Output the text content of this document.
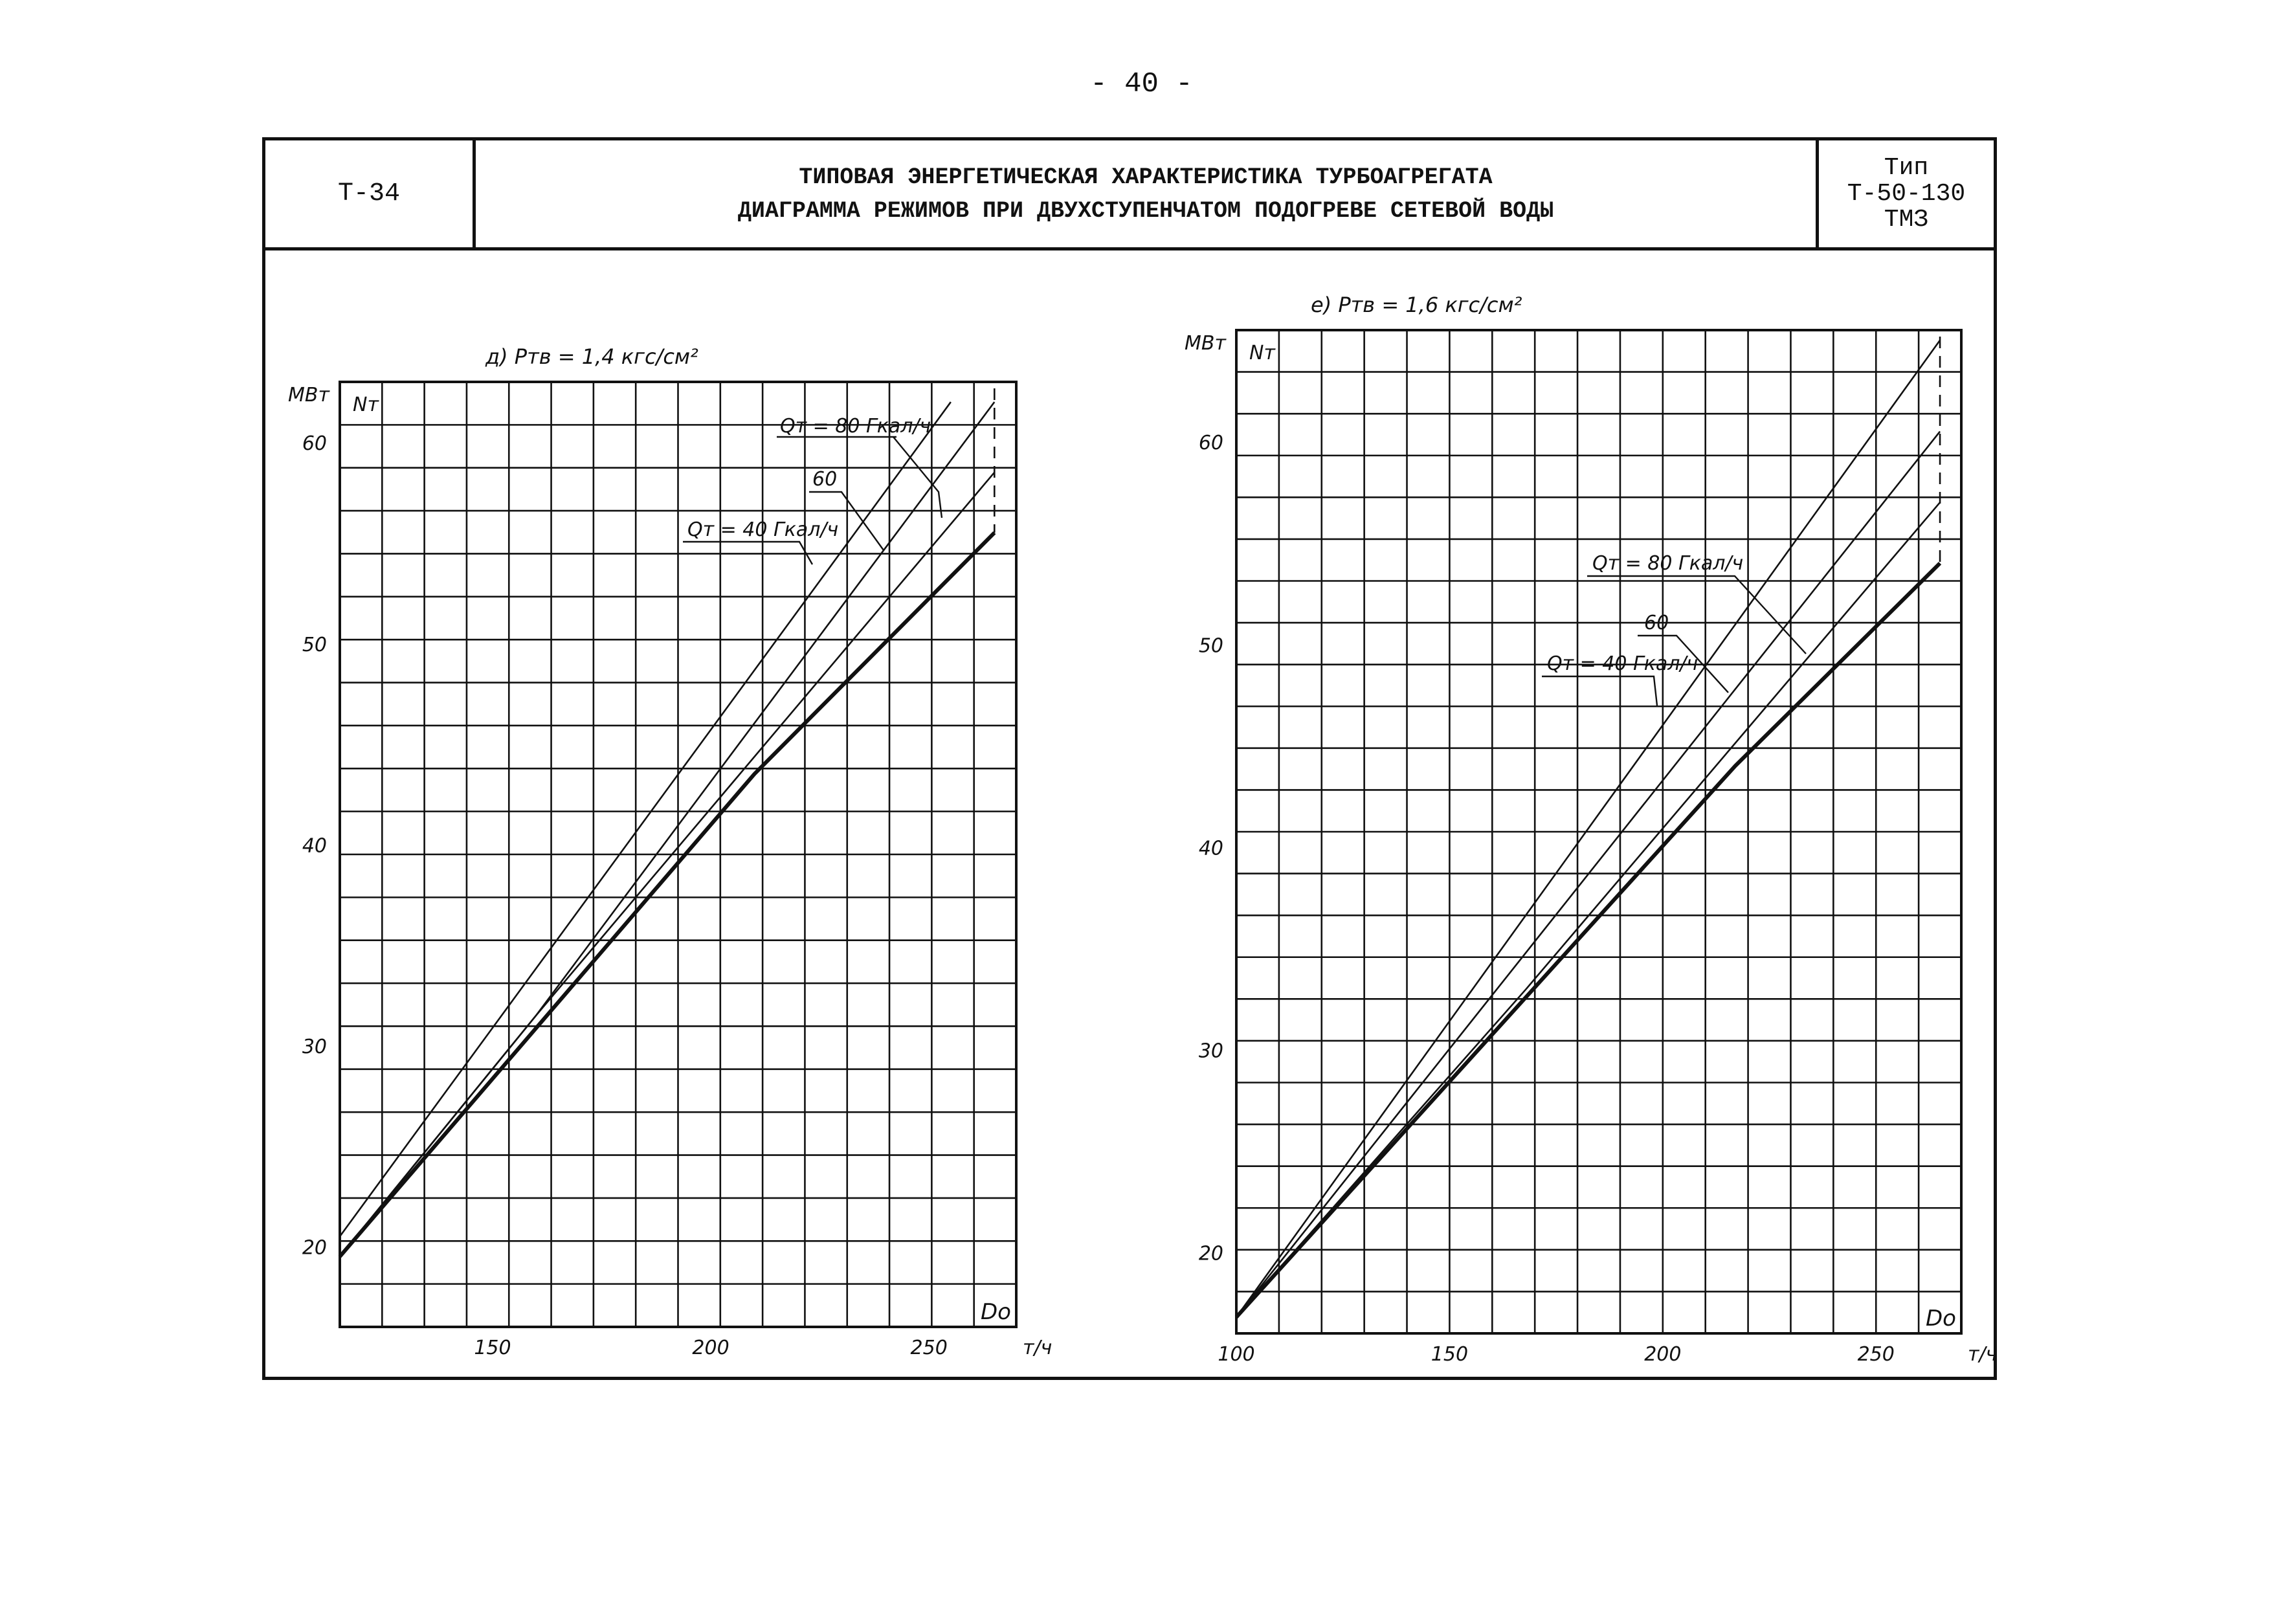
- 40 -
Т-34
ТИПОВАЯ ЭНЕРГЕТИЧЕСКАЯ ХАРАКТЕРИСТИКА ТУРБОАГРЕГАТА
ДИАГРАММА РЕЖИМОВ ПРИ ДВУХСТУПЕНЧАТОМ ПОДОГРЕВЕ СЕТЕВОЙ ВОДЫ
Тип
Т-50-130
ТМЗ
20
30
40
50
60
150	200	250
МВт Nт
Do
т/ч
д) Pтв = 1,4 кгс/см²
Qт = 80 Гкал/ч
60
Qт = 40 Гкал/ч
20
30
40
50
60
100	150	200	250
МВт Nт
Do
т/ч
е) Pтв = 1,6 кгс/см²
Qт = 80 Гкал/ч
60
Qт = 40 Гкал/ч
